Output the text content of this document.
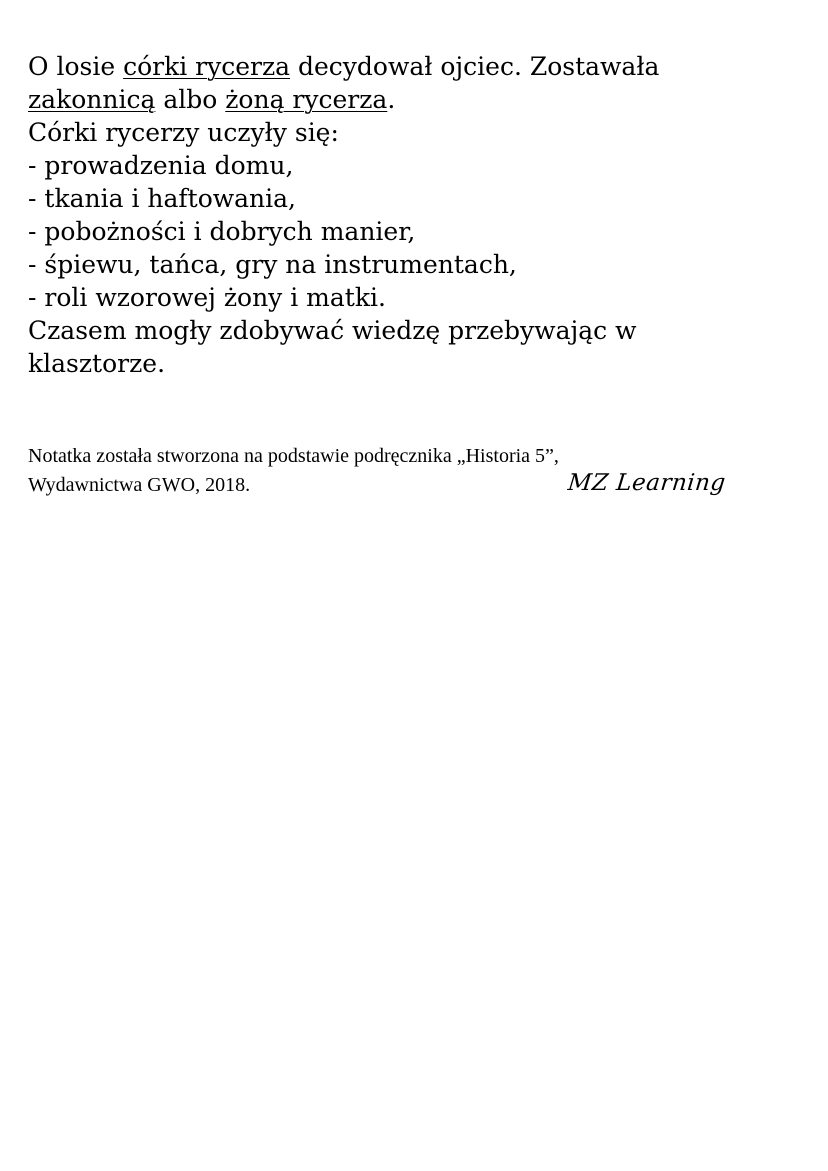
O losie córki rycerza decydował ojciec. Zostawała
zakonnicą albo żoną rycerza.
Córki rycerzy uczyły się:
- prowadzenia domu,
- tkania i haftowania,
- pobożności i dobrych manier,
- śpiewu, tańca, gry na instrumentach,
- roli wzorowej żony i matki.
Czasem mogły zdobywać wiedzę przebywając w
klasztorze.
Notatka została stworzona na podstawie podręcznika „Historia 5”,
Wydawnictwa GWO, 2018.	MZ Learning
